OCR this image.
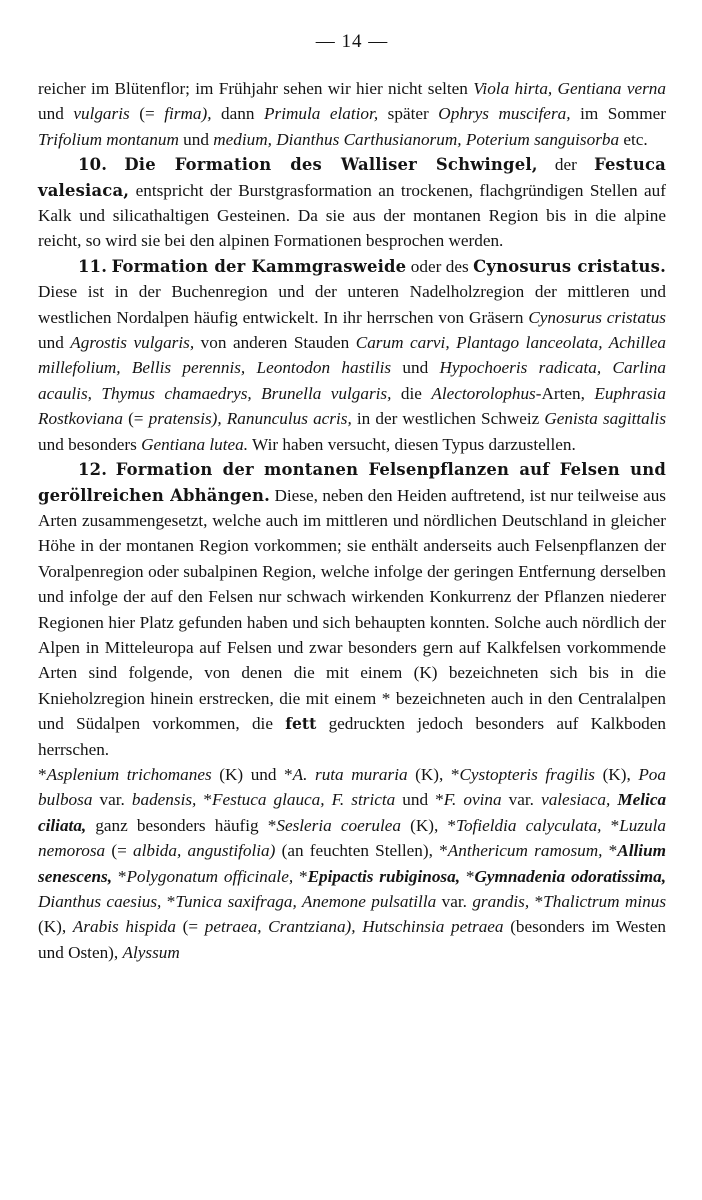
— 14 —

reicher im Blütenflor; im Frühjahr sehen wir hier nicht selten Viola hirta, Gentiana verna und vulgaris (= firma), dann Primula elatior, später Ophrys muscifera, im Sommer Trifolium montanum und medium, Dianthus Carthusianorum, Poterium sanguisorba etc.

10. Die Formation des Walliser Schwingel, der Festuca valesiaca, entspricht der Burstgrasformation an trockenen, flachgründigen Stellen auf Kalk und silicathaltigen Gesteinen. Da sie aus der montanen Region bis in die alpine reicht, so wird sie bei den alpinen Formationen besprochen werden.

11. Formation der Kammgrasweide oder des Cynosurus cristatus. Diese ist in der Buchenregion und der unteren Nadelholzregion der mittleren und westlichen Nordalpen häufig entwickelt. In ihr herrschen von Gräsern Cynosurus cristatus und Agrostis vulgaris, von anderen Stauden Carum carvi, Plantago lanceolata, Achillea millefolium, Bellis perennis, Leontodon hastilis und Hypochoeris radicata, Carlina acaulis, Thymus chamaedrys, Brunella vulgaris, die Alectorolophus-Arten, Euphrasia Rostkoviana (= pratensis), Ranunculus acris, in der westlichen Schweiz Genista sagittalis und besonders Gentiana lutea. Wir haben versucht, diesen Typus darzustellen.

12. Formation der montanen Felsenpflanzen auf Felsen und geröllreichen Abhängen. Diese, neben den Heiden auftretend, ist nur teilweise aus Arten zusammengesetzt, welche auch im mittleren und nördlichen Deutschland in gleicher Höhe in der montanen Region vorkommen; sie enthält anderseits auch Felsenpflanzen der Voralpenregion oder subalpinen Region, welche infolge der geringen Entfernung derselben und infolge der auf den Felsen nur schwach wirkenden Konkurrenz der Pflanzen niederer Regionen hier Platz gefunden haben und sich behaupten konnten. Solche auch nördlich der Alpen in Mitteleuropa auf Felsen und zwar besonders gern auf Kalkfelsen vorkommende Arten sind folgende, von denen die mit einem (K) bezeichneten sich bis in die Knieholzregion hinein erstrecken, die mit einem * bezeichneten auch in den Centralalpen und Südalpen vorkommen, die fett gedruckten jedoch besonders auf Kalkboden herrschen.
*Asplenium trichomanes (K) und *A. ruta muraria (K), *Cystopteris fragilis (K), Poa bulbosa var. badensis, *Festuca glauca, F. stricta und *F. ovina var. valesiaca, Melica ciliata, ganz besonders häufig *Sesleria coerulea (K), *Tofieldia calyculata, *Luzula nemorosa (= albida, angustifolia) (an feuchten Stellen), *Anthericum ramosum, *Allium senescens, *Polygonatum officinale, *Epipactis rubiginosa, *Gymnadenia odoratissima, Dianthus caesius, *Tunica saxifraga, Anemone pulsatilla var. grandis, *Thalictrum minus (K), Arabis hispida (= petraea, Crantziana), Hutschinsia petraea (besonders im Westen und Osten), Alyssum
